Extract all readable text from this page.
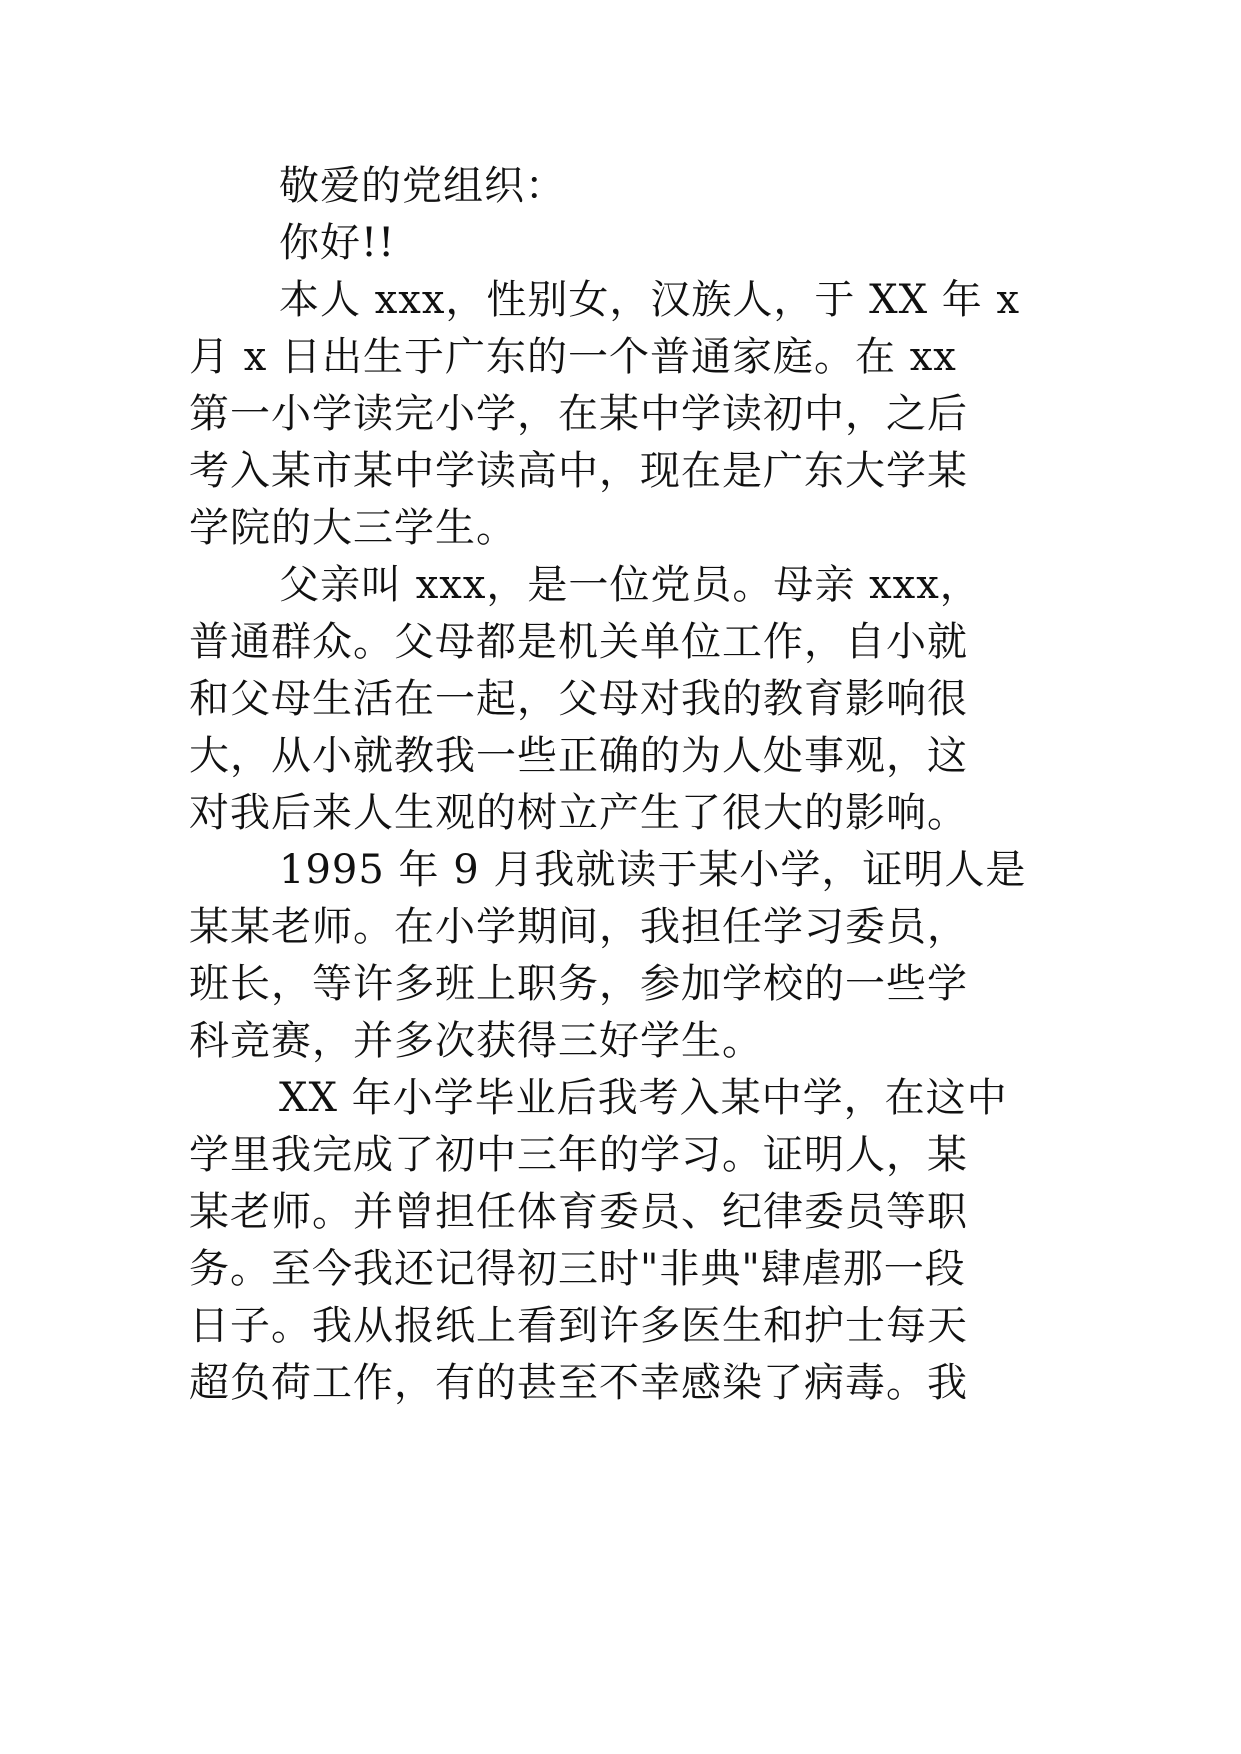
敬爱的党组织：
你好!!
本人 xxx，性别女，汉族人，于 XX 年 x
月 x 日出生于广东的一个普通家庭。在 xx
第一小学读完小学，在某中学读初中，之后
考入某市某中学读高中，现在是广东大学某
学院的大三学生。
父亲叫 xxx，是一位党员。母亲 xxx，
普通群众。父母都是机关单位工作，自小就
和父母生活在一起，父母对我的教育影响很
大，从小就教我一些正确的为人处事观，这
对我后来人生观的树立产生了很大的影响。
1995 年 9 月我就读于某小学，证明人是
某某老师。在小学期间，我担任学习委员，
班长，等许多班上职务，参加学校的一些学
科竞赛，并多次获得三好学生。
XX 年小学毕业后我考入某中学，在这中
学里我完成了初中三年的学习。证明人，某
某老师。并曾担任体育委员、纪律委员等职
务。至今我还记得初三时"非典"肆虐那一段
日子。我从报纸上看到许多医生和护士每天
超负荷工作，有的甚至不幸感染了病毒。我
